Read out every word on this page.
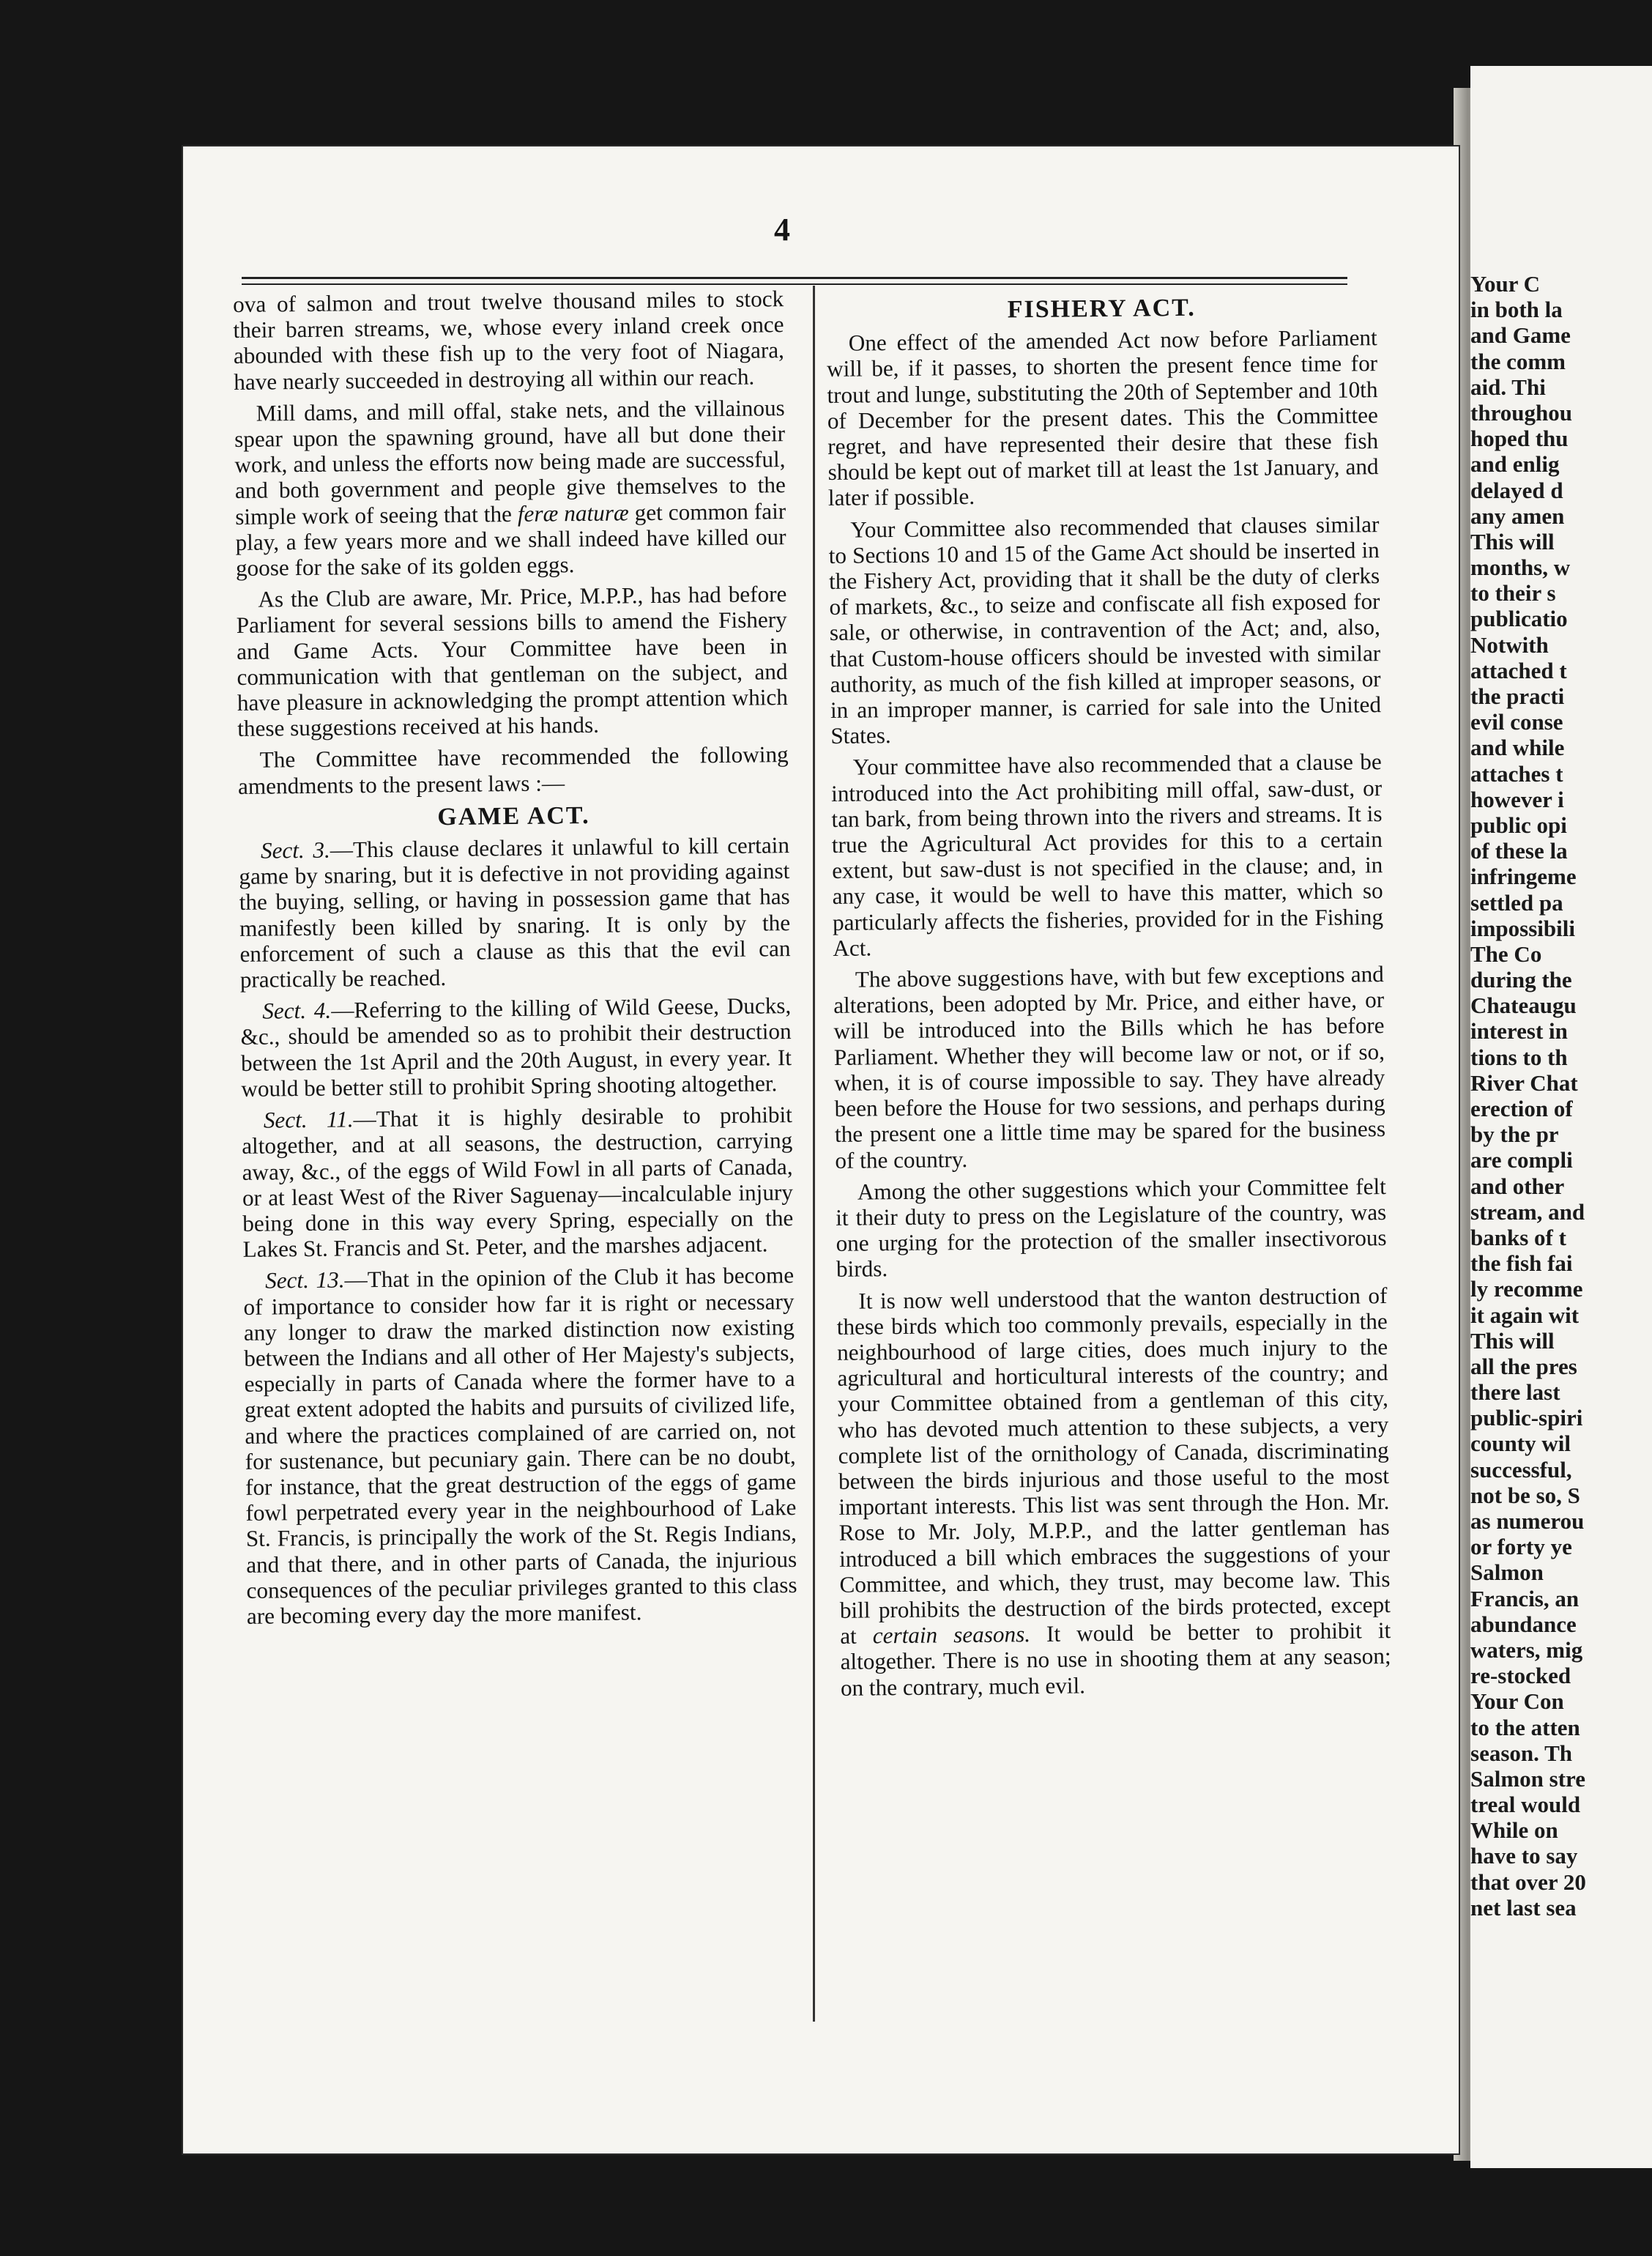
Your C
in both la
and Game
the comm
aid. Thi
throughou
hoped thu
and enlig
delayed d
any amen
This will
months, w
to their s
publicatio
Notwith
attached t
the practi
evil conse
and while
attaches t
however i
public opi
of these la
infringeme
settled pa
impossibili
The Co
during the
Chateaugu
interest in
tions to th
River Chat
erection of
by the pr
are compli
and other
stream, and
banks of t
the fish fai
ly recomme
it again wit
This will
all the pres
there last
public-spiri
county wil
successful,
not be so, S
as numerou
or forty ye
Salmon
Francis, an
abundance
waters, mig
re-stocked
Your Con
to the atten
season. Th
Salmon stre
treal would
While on
have to say
that over 20
net last sea
4

ova of salmon and trout twelve thousand miles to stock their barren streams, we, whose every inland creek once abounded with these fish up to the very foot of Niagara, have nearly succeeded in destroying all within our reach.

Mill dams, and mill offal, stake nets, and the villainous spear upon the spawning ground, have all but done their work, and unless the efforts now being made are successful, and both government and people give themselves to the simple work of seeing that the feræ naturæ get common fair play, a few years more and we shall indeed have killed our goose for the sake of its golden eggs.

As the Club are aware, Mr. Price, M.P.P., has had before Parliament for several sessions bills to amend the Fishery and Game Acts. Your Committee have been in communication with that gentleman on the subject, and have pleasure in acknowledging the prompt attention which these suggestions received at his hands.

The Committee have recommended the following amendments to the present laws :—

GAME ACT.

Sect. 3.—This clause declares it unlawful to kill certain game by snaring, but it is defective in not providing against the buying, selling, or having in possession game that has manifestly been killed by snaring. It is only by the enforcement of such a clause as this that the evil can practically be reached.

Sect. 4.—Referring to the killing of Wild Geese, Ducks, &c., should be amended so as to prohibit their destruction between the 1st April and the 20th August, in every year. It would be better still to prohibit Spring shooting altogether.

Sect. 11.—That it is highly desirable to prohibit altogether, and at all seasons, the destruction, carrying away, &c., of the eggs of Wild Fowl in all parts of Canada, or at least West of the River Saguenay—incalculable injury being done in this way every Spring, especially on the Lakes St. Francis and St. Peter, and the marshes adjacent.

Sect. 13.—That in the opinion of the Club it has become of importance to consider how far it is right or necessary any longer to draw the marked distinction now existing between the Indians and all other of Her Majesty's subjects, especially in parts of Canada where the former have to a great extent adopted the habits and pursuits of civilized life, and where the practices complained of are carried on, not for sustenance, but pecuniary gain. There can be no doubt, for instance, that the great destruction of the eggs of game fowl perpetrated every year in the neighbourhood of Lake St. Francis, is principally the work of the St. Regis Indians, and that there, and in other parts of Canada, the injurious consequences of the peculiar privileges granted to this class are becoming every day the more manifest.

FISHERY ACT.

One effect of the amended Act now before Parliament will be, if it passes, to shorten the present fence time for trout and lunge, substituting the 20th of September and 10th of December for the present dates. This the Committee regret, and have represented their desire that these fish should be kept out of market till at least the 1st January, and later if possible.

Your Committee also recommended that clauses similar to Sections 10 and 15 of the Game Act should be inserted in the Fishery Act, providing that it shall be the duty of clerks of markets, &c., to seize and confiscate all fish exposed for sale, or otherwise, in contravention of the Act; and, also, that Custom-house officers should be invested with similar authority, as much of the fish killed at improper seasons, or in an improper manner, is carried for sale into the United States.

Your committee have also recommended that a clause be introduced into the Act prohibiting mill offal, saw-dust, or tan bark, from being thrown into the rivers and streams. It is true the Agricultural Act provides for this to a certain extent, but saw-dust is not specified in the clause; and, in any case, it would be well to have this matter, which so particularly affects the fisheries, provided for in the Fishing Act.

The above suggestions have, with but few exceptions and alterations, been adopted by Mr. Price, and either have, or will be introduced into the Bills which he has before Parliament. Whether they will become law or not, or if so, when, it is of course impossible to say. They have already been before the House for two sessions, and perhaps during the present one a little time may be spared for the business of the country.

Among the other suggestions which your Committee felt it their duty to press on the Legislature of the country, was one urging for the protection of the smaller insectivorous birds.

It is now well understood that the wanton destruction of these birds which too commonly prevails, especially in the neighbourhood of large cities, does much injury to the agricultural and horticultural interests of the country; and your Committee obtained from a gentleman of this city, who has devoted much attention to these subjects, a very complete list of the ornithology of Canada, discriminating between the birds injurious and those useful to the most important interests. This list was sent through the Hon. Mr. Rose to Mr. Joly, M.P.P., and the latter gentleman has introduced a bill which embraces the suggestions of your Committee, and which, they trust, may become law. This bill prohibits the destruction of the birds protected, except at certain seasons. It would be better to prohibit it altogether. There is no use in shooting them at any season; on the contrary, much evil.
